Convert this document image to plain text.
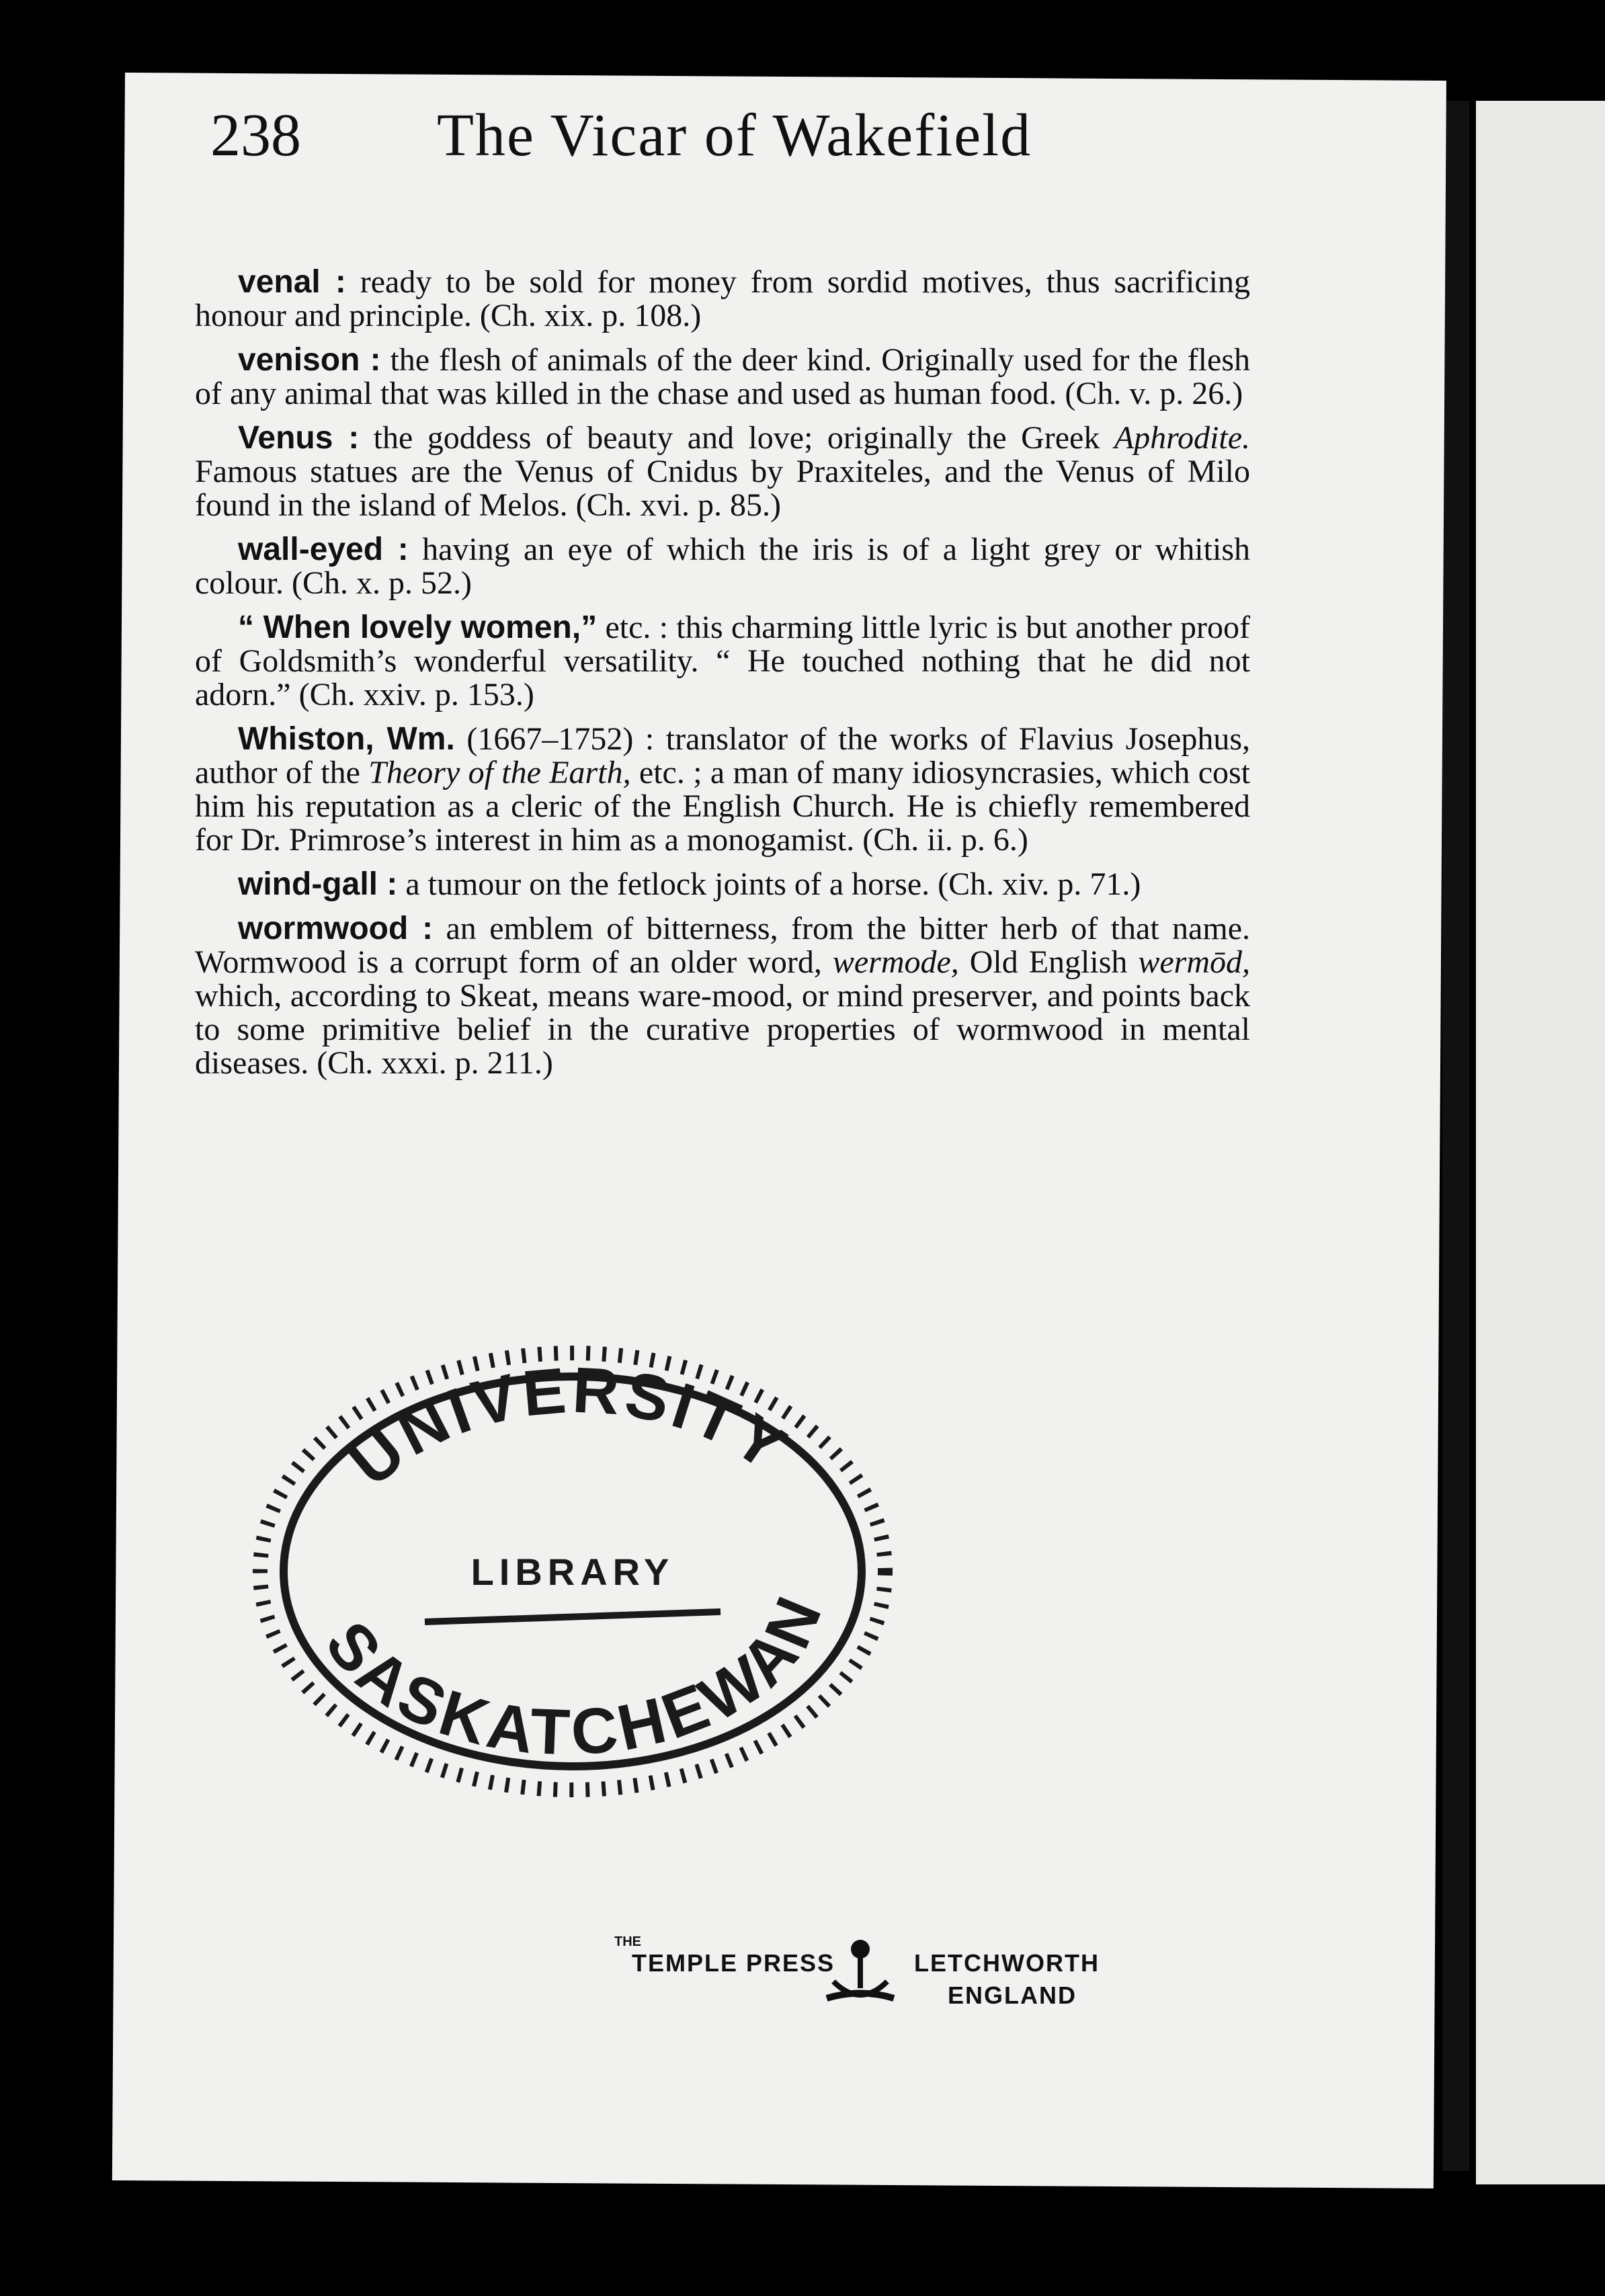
238 The Vicar of Wakefield

venal : ready to be sold for money from sordid motives, thus sacrificing honour and principle. (Ch. xix. p. 108.)

venison : the flesh of animals of the deer kind. Originally used for the flesh of any animal that was killed in the chase and used as human food. (Ch. v. p. 26.)

Venus : the goddess of beauty and love; originally the Greek Aphrodite. Famous statues are the Venus of Cnidus by Praxiteles, and the Venus of Milo found in the island of Melos. (Ch. xvi. p. 85.)

wall-eyed : having an eye of which the iris is of a light grey or whitish colour. (Ch. x. p. 52.)

“ When lovely women,” etc. : this charming little lyric is but another proof of Goldsmith’s wonderful versatility. “ He touched nothing that he did not adorn.” (Ch. xxiv. p. 153.)

Whiston, Wm. (1667–1752) : translator of the works of Flavius Josephus, author of the Theory of the Earth, etc. ; a man of many idiosyncrasies, which cost him his reputation as a cleric of the English Church. He is chiefly remembered for Dr. Primrose’s interest in him as a monogamist. (Ch. ii. p. 6.)

wind-gall : a tumour on the fetlock joints of a horse. (Ch. xiv. p. 71.)

wormwood : an emblem of bitterness, from the bitter herb of that name. Wormwood is a corrupt form of an older word, wermode, Old English wermōd, which, according to Skeat, means ware-mood, or mind preserver, and points back to some primitive belief in the curative properties of wormwood in mental diseases. (Ch. xxxi. p. 211.)

UNIVERSITY
LIBRARY
SASKATCHEWAN
THE
TEMPLE PRESS	LETCHWORTH
ENGLAND
